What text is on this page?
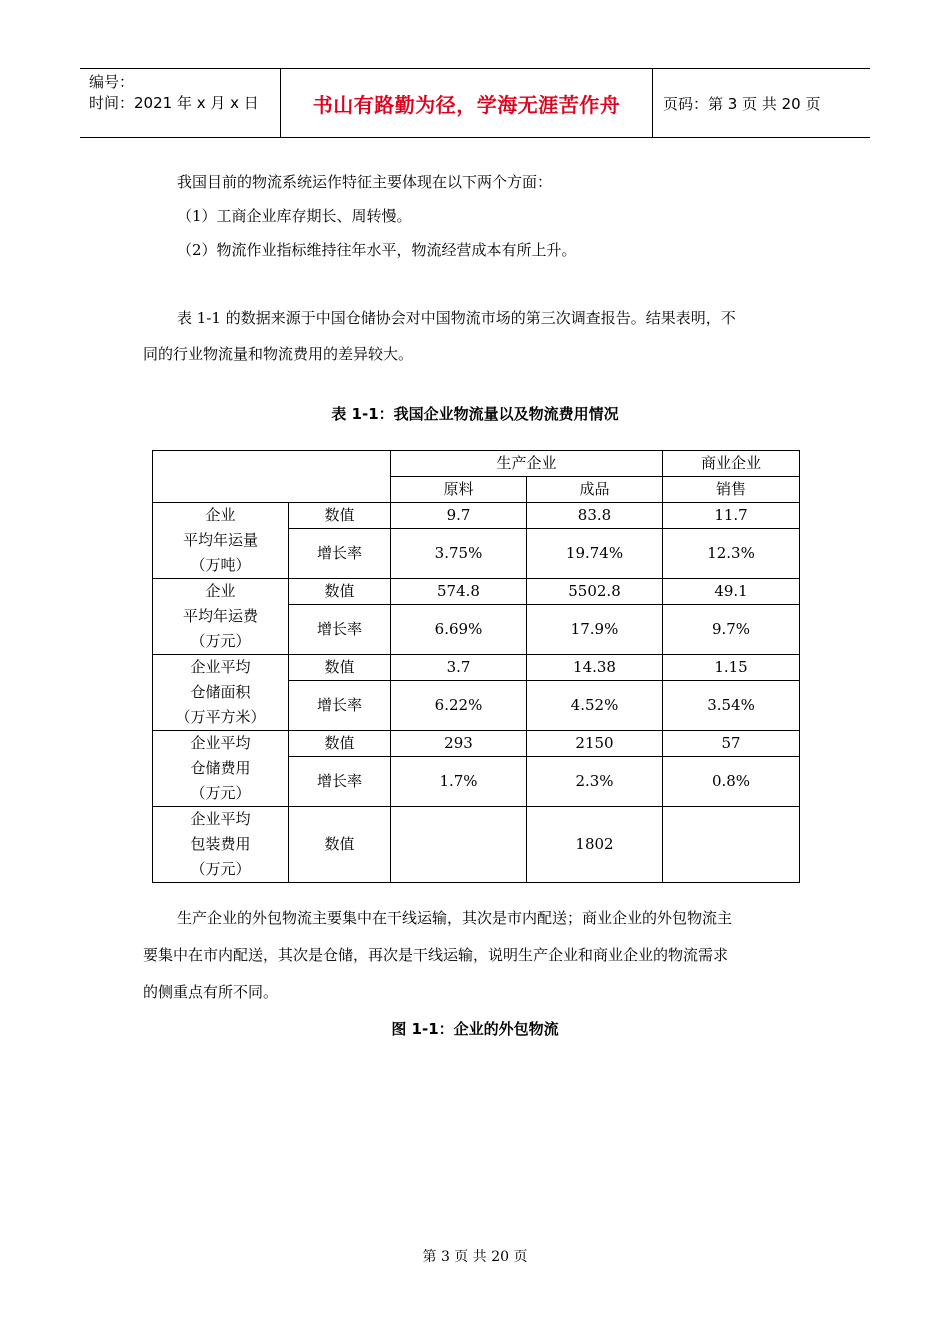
编号：
时间：2021 年 x 月 x 日	书山有路勤为径，学海无涯苦作舟	页码：第 3 页 共 20 页
我国目前的物流系统运作特征主要体现在以下两个方面：
（1）工商企业库存期长、周转慢。
（2）物流作业指标维持往年水平，物流经营成本有所上升。
表 1-1 的数据来源于中国仓储协会对中国物流市场的第三次调查报告。结果表明，不
同的行业物流量和物流费用的差异较大。
表 1-1：我国企业物流量以及物流费用情况
		生产企业		商业企业
		原料	成品	销售

企业
平均年运量
（万吨）	数值	9.7	83.8	11.7
	增长率	3.75%	19.74%	12.3%

企业
平均年运费
（万元）	数值	574.8	5502.8	49.1
	增长率	6.69%	17.9%	9.7%

企业平均
仓储面积
（万平方米）	数值	3.7	14.38	1.15
	增长率	6.22%	4.52%	3.54%

企业平均
仓储费用
（万元）	数值	293	2150	57
	增长率	1.7%	2.3%	0.8%

企业平均
包装费用
（万元）	数值		1802	
生产企业的外包物流主要集中在干线运输，其次是市内配送；商业企业的外包物流主
要集中在市内配送，其次是仓储，再次是干线运输，说明生产企业和商业企业的物流需求
的侧重点有所不同。
图 1-1：企业的外包物流
第 3 页 共 20 页
